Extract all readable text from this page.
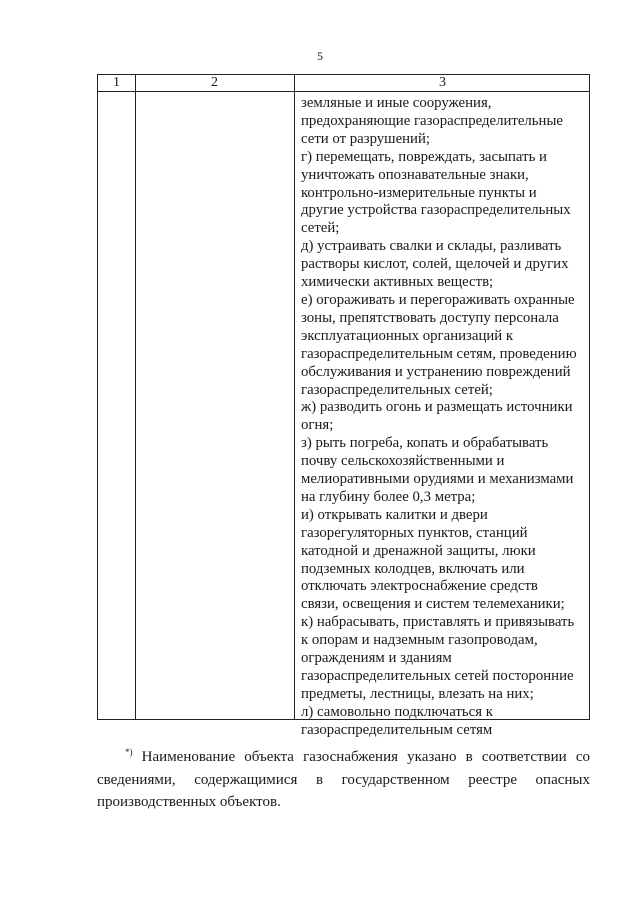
5
1	2	3
земляные и иные сооружения,
предохраняющие газораспределительные
сети от разрушений;
г) перемещать, повреждать, засыпать и
уничтожать опознавательные знаки,
контрольно-измерительные пункты и
другие устройства газораспределительных
сетей;
д) устраивать свалки и склады, разливать
растворы кислот, солей, щелочей и других
химически активных веществ;
е) огораживать и перегораживать охранные
зоны, препятствовать доступу персонала
эксплуатационных организаций к
газораспределительным сетям, проведению
обслуживания и устранению повреждений
газораспределительных сетей;
ж) разводить огонь и размещать источники
огня;
з) рыть погреба, копать и обрабатывать
почву сельскохозяйственными и
мелиоративными орудиями и механизмами
на глубину более 0,3 метра;
и) открывать калитки и двери
газорегуляторных пунктов, станций
катодной и дренажной защиты, люки
подземных колодцев, включать или
отключать электроснабжение средств
связи, освещения и систем телемеханики;
к) набрасывать, приставлять и привязывать
к опорам и надземным газопроводам,
ограждениям и зданиям
газораспределительных сетей посторонние
предметы, лестницы, влезать на них;
л) самовольно подключаться к
газораспределительным сетям
*) Наименование объекта газоснабжения указано в соответствии со
сведениями, содержащимися в государственном реестре опасных
производственных объектов.
